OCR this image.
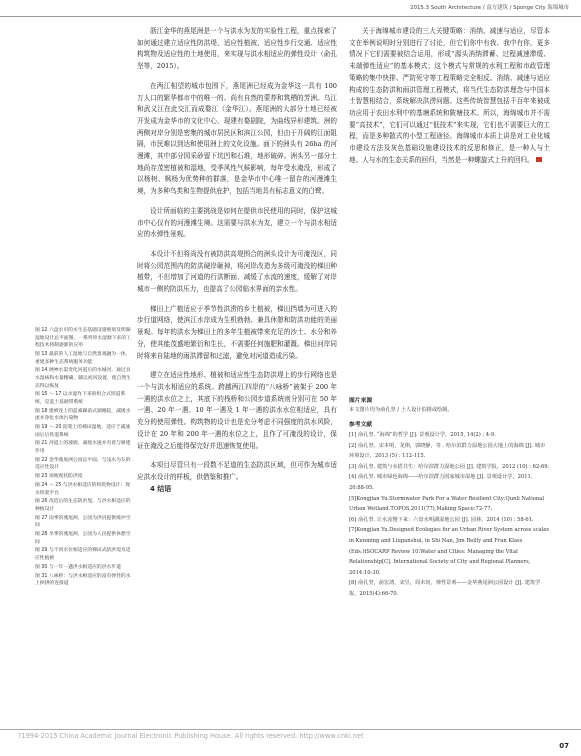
2015.3 South Architecture / 南方建筑 / Sponge City 海绵城市

图 12 六盘水市的水生态基础设施规划及明湖湿地设计总平面图，一系列串水湿塘下来的工程技术将制逐渐的应用

图 13 最前的人工湿地与自然景观融为一体，重建多种生态系统服务功能

图 14 硬神水渠变化河道后的水城河，通过具水湿核和水量精确，辅以初河设置，使自然生态得以恢复

图 15 ～ 17 以水湿作下来的组合式铁道系统，是蓝土基础带系统

图 18 建被连上的蓝素棘前式湖滩院，减缓水流并净化水体污染物

图 19 ～ 20 陪架上的梯田湿地，适应于减速雨后后铁道系统

图 21 河道上的坡调，减缓水速并有着与修建作用

图 22 金华燕尾洲公园总平面，与浅水为友的适应性设计

图 23 场地现状防洪堤

图 24 ～ 25 与洪水相适应的构筑物设计：现水铁架平台

图 26 改造后的生态防洪堤，与洪水相适应的种植设计

图 27 雨季的燕尾洲，公园为洪尻提供缓冲空间

图 28 旱季的燕尾洲，公园为人民提供休憩空间

图 29 与不同水位相适应的梯田式防洪堤及适应性植被

图 30 与一年一遇洪水相适应的洪水步道

图 31 八咏桥：与洪水相适应的富有弹性的水上掉拱的连接道

浙江金华的燕尾洲是一个与洪水为友的实验性工程，重点探索了如何通过建立适应性防洪堤、适应性植被、适应性步行交通、适应性构筑物及适应性的土地使用，来实现与洪水相适应的弹性设计（俞孔坚等，2015）。

在两江相望的城市包围下，燕尾洲已经成为金华这一具有 100 万人口的繁华都市中的唯一的、尚有自然的蒙荐和筑栖的芳洲。乌江和武义江在此交汇而成婺江（金华江）。燕尾洲的大部分土地已经被开发成为金华市的文化中心，现建有婺剧院，为曲线异形建筑。洲的两侧对岸分别是密集的城市居民区和滨江公园，但由于开阔的江面阻隔，市民难以到达和使用洲上的文化设施。面下的洲头有 26ha 的河漫滩，其中部分园采砂留下坑凹和石堆，地形破碎。洲头另一部分土地尚存茂密植被和湿地，受季风性气候影响，每年受水淹没，形成了以杨树、枫杨为优势种的群落，是金华市中心唯一留存的河漫滩生境，为多种鸟类和生物提供庇护，包括当地具有标志意义的白鹭。

设计所面临的主要挑战是如何在提供市民使用的同时，保护这城市中心仅有的河漫滩生境。这需要与洪水为友，建立一个与洪水相适应的水弹性景观。

本设计不但将尚没有被防洪高堤围合的洲头设计为可淹没区，同时将公园范围内的防洪硬岸砸掉，将河岸改造为多级可淹没的梯田种植带，不但增加了河道的行洪断面、减缓了水流的速度，缓解了对岸城市一侧的防洪压力，也提高了公园临水界面的亲水性。

梯田上广植适应于季节性洪涝的乡土植被，梯田挡墙为可进入的步行道网络，使滨江水岸成为生机勃勃、兼具休憩和防洪功能的美丽景观。每年的洪水为梯田上的多年生植被带来充足的沙土、水分和养分，使其能茂盛地繁衍和生长，不需要任何施肥和灌溉。梯田河岸同时将来自陆地的雨洪滞留和过滤，避免对河道造成污染。

建立在适应性地形、植被和适应性生态防洪堤上的步行网络也是一个与洪水相适应的系统。跨越两江四岸的“八咏桥”被架于 200 年一遇的洪水位之上，其底下的栈桥和公园步道系统则分别可在 50 年一遇、20 年一遇、10 年一遇及 1 年一遇的洪水水位相适应，具有充分的使用弹性。构筑物的设计也是充分考虑不同强度的洪水风险，设计在 20 年和 200 年一遇的水位之上，且作了可淹没的设计，保证在淹没之后能得保完好并迅速恢复使用。

本项目尽管只有一段数不足道的生态防洪区域，但可作为城市适应洪水设计的样板，供借鉴和推广。

4 结语

关于海绵城市建设的三大关键策略：消纳、减速与适应，尽管本文在举例说明时分别进行了讨论，但它们你中有我、我中有你，更多情况下它们需要被结合运用，形成“源头消纳滞蓄、过程减速滞缓、末端弹性适应”的基本模式；这个模式与常规的水利工程和市政管理策略的集中快排、严防死守等工程策略完全相反。消纳、减速与适应构成的生态防洪和雨洪管理工程模式，将当代生态防洪理念与中国本土智慧相结合，系统解决洪涝问题。这些传统智慧包括千百年来被成功应用于农田水利中的基塘系统和陂塘技术。所以，海绵城市并不需要“高技术”，它们可以通过“低技术”来实现，它们也不需要巨大的工程，而是多种散式的小型工程途径。海绵城市本质上讲是对工业化城市建设方法及灰色基础设施建设技术的反思和修正，是一种人与土地、人与水的生态关系的回归，当然是一种螺旋式上升的回归。

图片来源

本文图片均为俞孔坚 / 土人设计拍摄或绘制。

参考文献

[1] 俞孔坚. “海绵”的哲学 [J]. 景观设计学，2015, 14(2) : 4-9.

[2] 俞孔坚，宋本明，龙翔，郭晓静，等 . 哈尔滨群力湿地公园大地上的海绵 [J]. 城市环境设计，2013 (5) : 112-115.

[3] 俞孔坚. 建筑与水搭共生：哈尔滨群力湿地公园 [J]. 建筑学报，2012 (10) : 62-69.

[4] 俞孔坚. 城市绿色海绵——哈尔滨群力国家城市湿地 [J]. 景观设计学，2011，20:88-95.

[5]Kongjian Yu.Stormwater Park For a Water Resilient City:Qunli National Urban Wetland.TOPOS,2011(77),Making Space:72-77.

[6] 俞孔坚. 让水流慢下来：六盘水明湖湿地公园 [J]. 园林，2014 (10) : 58-61.

[7]Kongjian Yu.Designed Ecologies for an Urban River System across scales in Kunming and Liupanshui, in Shi Nan, Jim Reilly and Fran Klass (Eds.)ISOCARP Review 10:Water and Cities: Managing the Vital Relationship[C]. International Society of City and Regional Planners, 2014:10-30.

[8] 俞孔坚，俞宏鸿，宋昱，周未钊，弹性景观——金华燕尾洲公园设计 [J]. 建筑学报，2015(4):66-70.

?1994-2015 China Academic Journal Electronic Publishing House. All rights reserved. http://www.cnki.net
07
